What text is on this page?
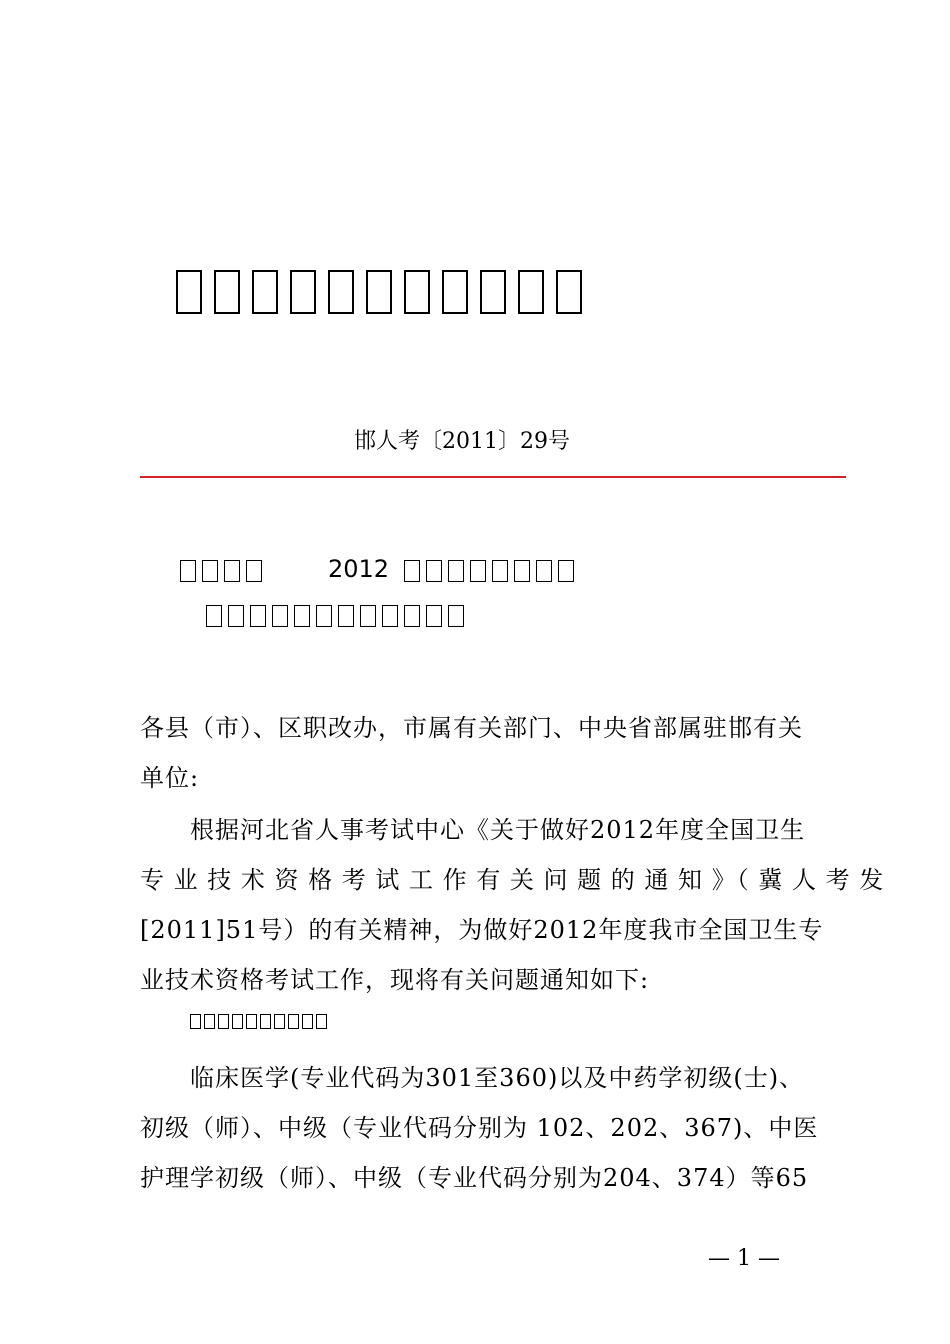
邯人考〔2011〕29号
2012
各县（市）、区职改办，市属有关部门、中央省部属驻邯有关
单位:
根据河北省人事考试中心《关于做好2012年度全国卫生
专 业 技 术 资 格 考 试 工 作 有 关 问 题 的 通 知 》（ 冀 人 考 发
[2011]51号）的有关精神，为做好2012年度我市全国卫生专
业技术资格考试工作，现将有关问题通知如下:
临床医学(专业代码为301至360)以及中药学初级(士)、
初级（师）、中级（专业代码分别为 102、202、367)、中医
护理学初级（师）、中级（专业代码分别为204、374）等65
— 1 —
